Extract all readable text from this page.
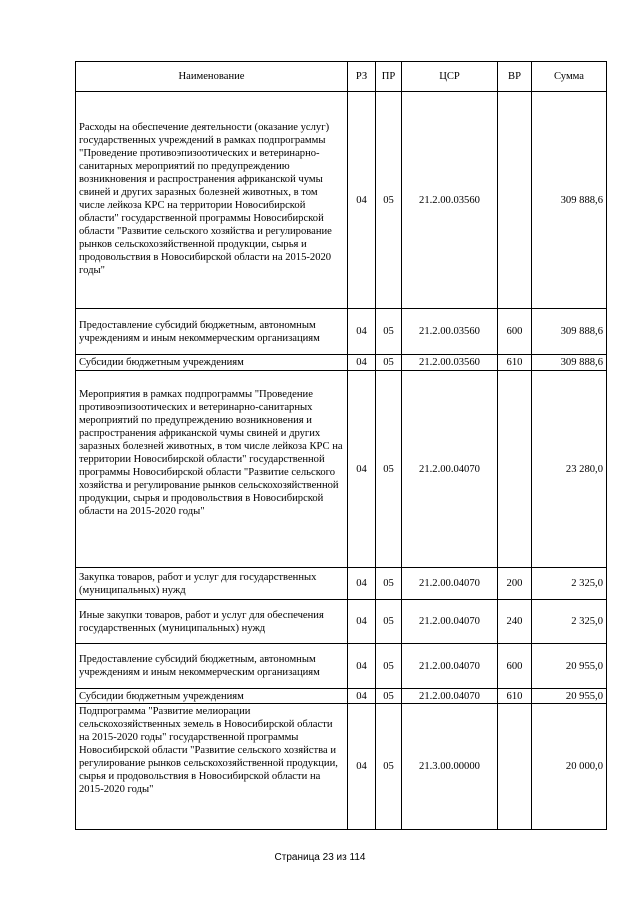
Наименование	РЗ	ПР	ЦСР	ВР	Сумма
Расходы на обеспечение деятельности (оказание услуг) государственных учреждений в рамках подпрограммы "Проведение противоэпизоотических и ветеринарно-санитарных мероприятий по предупреждению возникновения и распространения африканской чумы свиней и других заразных болезней животных, в том числе лейкоза КРС на территории Новосибирской области" государственной программы Новосибирской области "Развитие сельского хозяйства и регулирование рынков сельскохозяйственной продукции, сырья и продовольствия в Новосибирской области на 2015-2020 годы"	04	05	21.2.00.03560		309 888,6
Предоставление субсидий бюджетным, автономным учреждениям и иным некоммерческим организациям	04	05	21.2.00.03560	600	309 888,6
Субсидии бюджетным учреждениям	04	05	21.2.00.03560	610	309 888,6
Мероприятия в рамках подпрограммы "Проведение противоэпизоотических и ветеринарно-санитарных мероприятий по предупреждению возникновения и распространения африканской чумы свиней и других заразных болезней животных, в том числе лейкоза КРС на территории Новосибирской области" государственной программы Новосибирской области "Развитие сельского хозяйства и регулирование рынков сельскохозяйственной продукции, сырья и продовольствия в Новосибирской области на 2015-2020 годы"	04	05	21.2.00.04070		23 280,0
Закупка товаров, работ и услуг для государственных (муниципальных) нужд	04	05	21.2.00.04070	200	2 325,0
Иные закупки товаров, работ и услуг для обеспечения государственных (муниципальных) нужд	04	05	21.2.00.04070	240	2 325,0
Предоставление субсидий бюджетным, автономным учреждениям и иным некоммерческим организациям	04	05	21.2.00.04070	600	20 955,0
Субсидии бюджетным учреждениям	04	05	21.2.00.04070	610	20 955,0
Подпрограмма "Развитие мелиорации сельскохозяйственных земель в Новосибирской области на 2015-2020 годы" государственной программы Новосибирской области "Развитие сельского хозяйства и регулирование рынков сельскохозяйственной продукции, сырья и продовольствия в Новосибирской области на 2015-2020 годы"	04	05	21.3.00.00000		20 000,0
Страница 23 из 114
